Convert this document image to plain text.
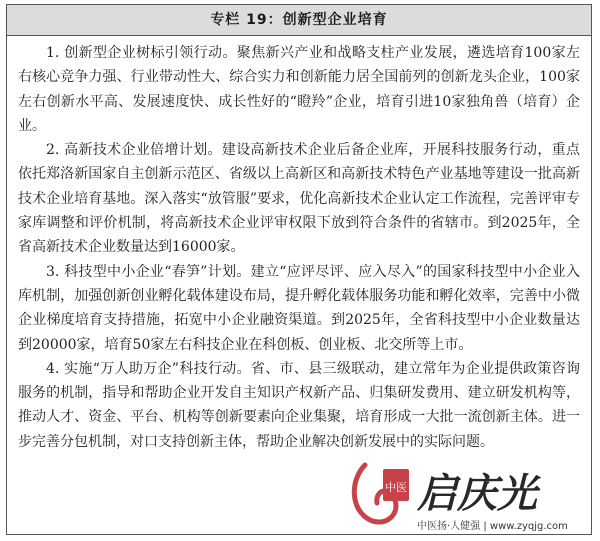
专栏 19：创新型企业培育

1. 创新型企业树标引领行动。聚焦新兴产业和战略支柱产业发展，遴选培育100家左右核心竞争力强、行业带动性大、综合实力和创新能力居全国前列的创新龙头企业，100家左右创新水平高、发展速度快、成长性好的“瞪羚”企业，培育引进10家独角兽（培育）企业。

2. 高新技术企业倍增计划。建设高新技术企业后备企业库，开展科技服务行动，重点依托郑洛新国家自主创新示范区、省级以上高新区和高新技术特色产业基地等建设一批高新技术企业培育基地。深入落实“放管服”要求，优化高新技术企业认定工作流程，完善评审专家库调整和评价机制，将高新技术企业评审权限下放到符合条件的省辖市。到2025年，全省高新技术企业数量达到16000家。

3. 科技型中小企业“春笋”计划。建立“应评尽评、应入尽入”的国家科技型中小企业入库机制，加强创新创业孵化载体建设布局，提升孵化载体服务功能和孵化效率，完善中小微企业梯度培育支持措施，拓宽中小企业融资渠道。到2025年，全省科技型中小企业数量达到20000家，培育50家左右科技企业在科创板、创业板、北交所等上市。

4. 实施“万人助万企”科技行动。省、市、县三级联动，建立常年为企业提供政策咨询服务的机制，指导和帮助企业开发自主知识产权新产品、归集研发费用、建立研发机构等，推动人才、资金、平台、机构等创新要素向企业集聚，培育形成一大批一流创新主体。进一步完善分包机制，对口支持创新主体，帮助企业解决创新发展中的实际问题。

中医 启庆光
中医扬·人健强 | www.zyqjg.com
